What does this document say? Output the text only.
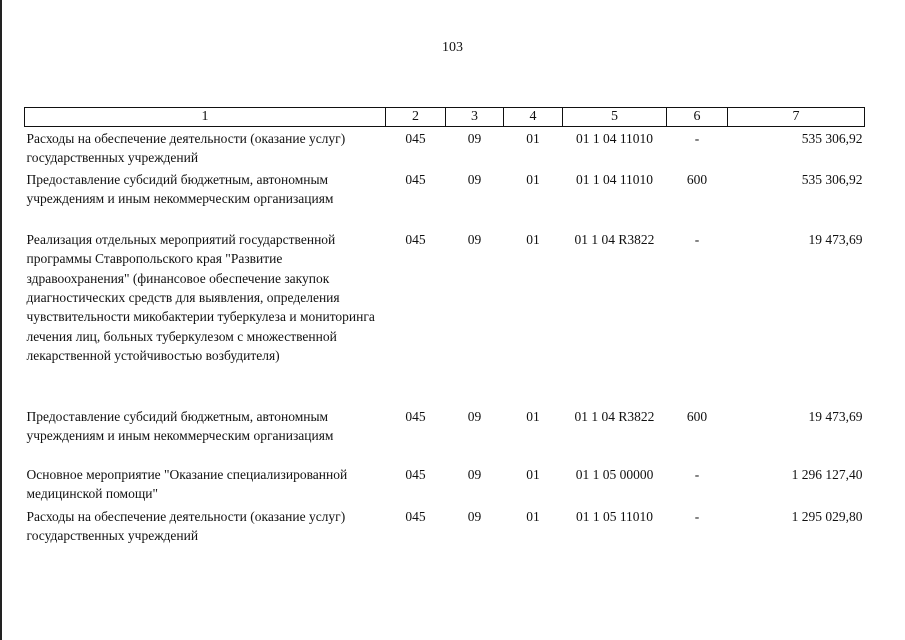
103
1	2	3	4	5	6	7
Расходы на обеспечение деятельности (оказание услуг) государственных учреждений	045	09	01	01 1 04 11010	-	535 306,92
Предоставление субсидий бюджетным, автономным учреждениям и иным некоммерческим организациям	045	09	01	01 1 04 11010	600	535 306,92
Реализация отдельных мероприятий государственной программы Ставропольского края "Развитие здравоохранения" (финансовое обеспечение закупок диагностических средств для выявления, определения чувствительности микобактерии туберкулеза и мониторинга лечения лиц, больных туберкулезом с множественной лекарственной устойчивостью возбудителя)	045	09	01	01 1 04 R3822	-	19 473,69
Предоставление субсидий бюджетным, автономным учреждениям и иным некоммерческим организациям	045	09	01	01 1 04 R3822	600	19 473,69
Основное мероприятие "Оказание специализированной медицинской помощи"	045	09	01	01 1 05 00000	-	1 296 127,40
Расходы на обеспечение деятельности (оказание услуг) государственных учреждений	045	09	01	01 1 05 11010	-	1 295 029,80
